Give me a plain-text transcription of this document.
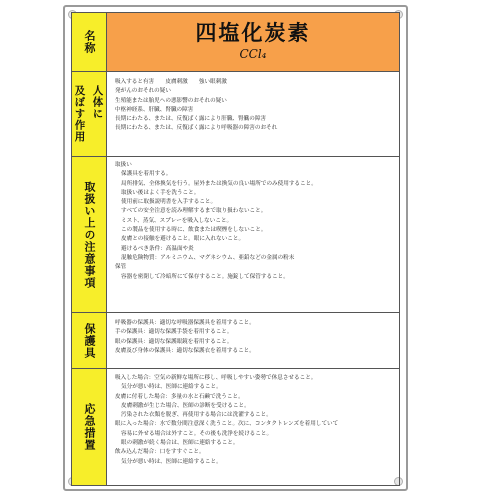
名称	四塩化炭素
CCl₄
人体に
及ぼす作用
吸入すると有害　　皮膚刺激　　強い眼刺激
発がんのおそれの疑い
生殖能または胎児への悪影響のおそれの疑い
中枢神経系、肝臓、腎臓の障害
長期にわたる、または、反復ばく露により肝臓、腎臓の障害
長期にわたる、または、反復ばく露により呼吸器の障害のおそれ
取扱い上の注意事項
取扱い
保護具を着用する。
局所排気、全体換気を行う。屋外または換気の良い場所でのみ使用すること。
取扱い後はよく手を洗うこと。
使用前に取扱説明書を入手すること。
すべての安全注意を読み理解するまで取り扱わないこと。
ミスト、蒸気、スプレーを吸入しないこと。
この製品を使用する時に、飲食または喫煙をしないこと。
皮膚との接触を避けること。眼に入れないこと。
避けるべき条件：高温面や炎
混触危険物質：アルミニウム、マグネシウム、亜鉛などの金属の粉末
保管
容器を密閉して冷暗所にて保存すること。施錠して保管すること。
保護具	呼吸器の保護具：適切な呼吸器保護具を着用すること。
手の保護具：適切な保護手袋を着用すること。
眼の保護具：適切な保護眼鏡を着用すること。
皮膚及び身体の保護具：適切な保護衣を着用すること。
応急措置
吸入した場合：空気の新鮮な場所に移し、呼吸しやすい姿勢で休息させること。
気分が悪い時は、医師に連絡すること。
皮膚に付着した場合：多量の水と石鹸で洗うこと。
皮膚刺激が生じた場合、医師の診断を受けること。
汚染された衣類を脱ぎ、再使用する場合には洗濯すること。
眼に入った場合：水で数分間注意深く洗うこと。次に、コンタクトレンズを着用していて
容易に外せる場合は外すこと。その後も洗浄を続けること。
眼の刺激が続く場合は、医師に連絡すること。
飲み込んだ場合：口をすすぐこと。
気分が悪い時は、医師に連絡すること。
